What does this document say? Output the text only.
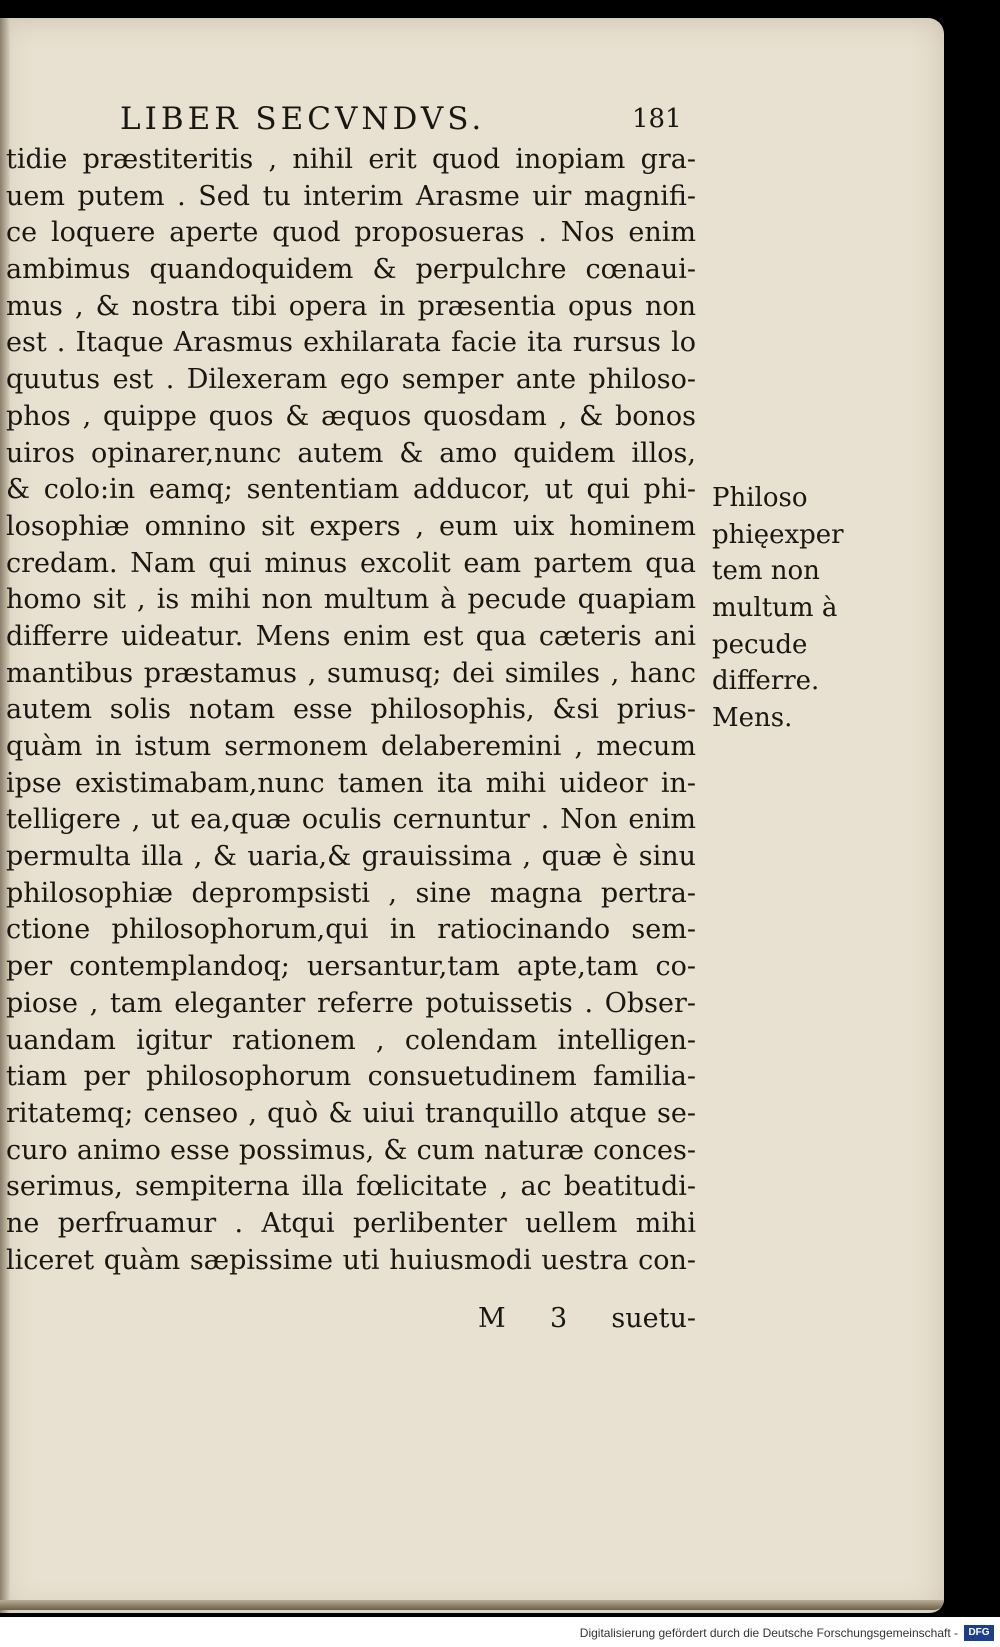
LIBER SECVNDVS.	181
tidie præstiteritis , nihil erit quod inopiam gra-
uem putem . Sed tu interim Arasme uir magnifi-
ce loquere aperte quod proposueras . Nos enim
ambimus quandoquidem & perpulchre cœnaui-
mus , & nostra tibi opera in præsentia opus non
est . Itaque Arasmus exhilarata facie ita rursus lo
quutus est . Dilexeram ego semper ante philoso-
phos , quippe quos & æquos quosdam , & bonos
uiros opinarer,nunc autem & amo quidem illos,
& colo:in eamq; sententiam adducor, ut qui phi-
losophiæ omnino sit expers , eum uix hominem
credam. Nam qui minus excolit eam partem qua
homo sit , is mihi non multum à pecude quapiam
differre uideatur. Mens enim est qua cæteris ani
mantibus præstamus , sumusq; dei similes , hanc
autem solis notam esse philosophis, &si prius-
quàm in istum sermonem delaberemini , mecum
ipse existimabam,nunc tamen ita mihi uideor in-
telligere , ut ea,quæ oculis cernuntur . Non enim
permulta illa , & uaria,& grauissima , quæ è sinu
philosophiæ deprompsisti , sine magna pertra-
ctione philosophorum,qui in ratiocinando sem-
per contemplandoq; uersantur,tam apte,tam co-
piose , tam eleganter referre potuissetis . Obser-
uandam igitur rationem , colendam intelligen-
tiam per philosophorum consuetudinem familia-
ritatemq; censeo , quò & uiui tranquillo atque se-
curo animo esse possimus, & cum naturæ conces-
serimus, sempiterna illa fœlicitate , ac beatitudi-
ne perfruamur . Atqui perlibenter uellem mihi
liceret quàm sæpissime uti huiusmodi uestra con-
M 3 suetu-
Philoso
phięexper
tem non
multum à
pecude
differre.
Mens.
Digitalisierung gefördert durch die Deutsche Forschungsgemeinschaft -	DFG
